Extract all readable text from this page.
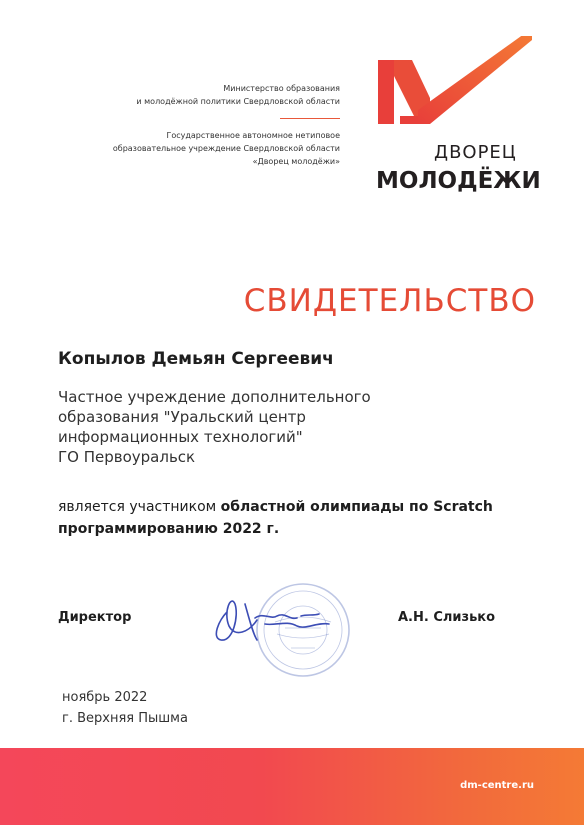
Министерство образования
и молодёжной политики Свердловской области
Государственное автономное нетиповое
образовательное учреждение Свердловской области
«Дворец молодёжи»	ДВОРЕЦ
МОЛОДЁЖИ
СВИДЕТЕЛЬСТВО
Копылов Демьян Сергеевич
Частное учреждение дополнительного
образования "Уральский центр
информационных технологий"
ГО Первоуральск
является участником областной олимпиады по Scratch программированию 2022 г.
Директор	А.Н. Слизько
ноябрь 2022
г. Верхняя Пышма
dm-centre.ru
